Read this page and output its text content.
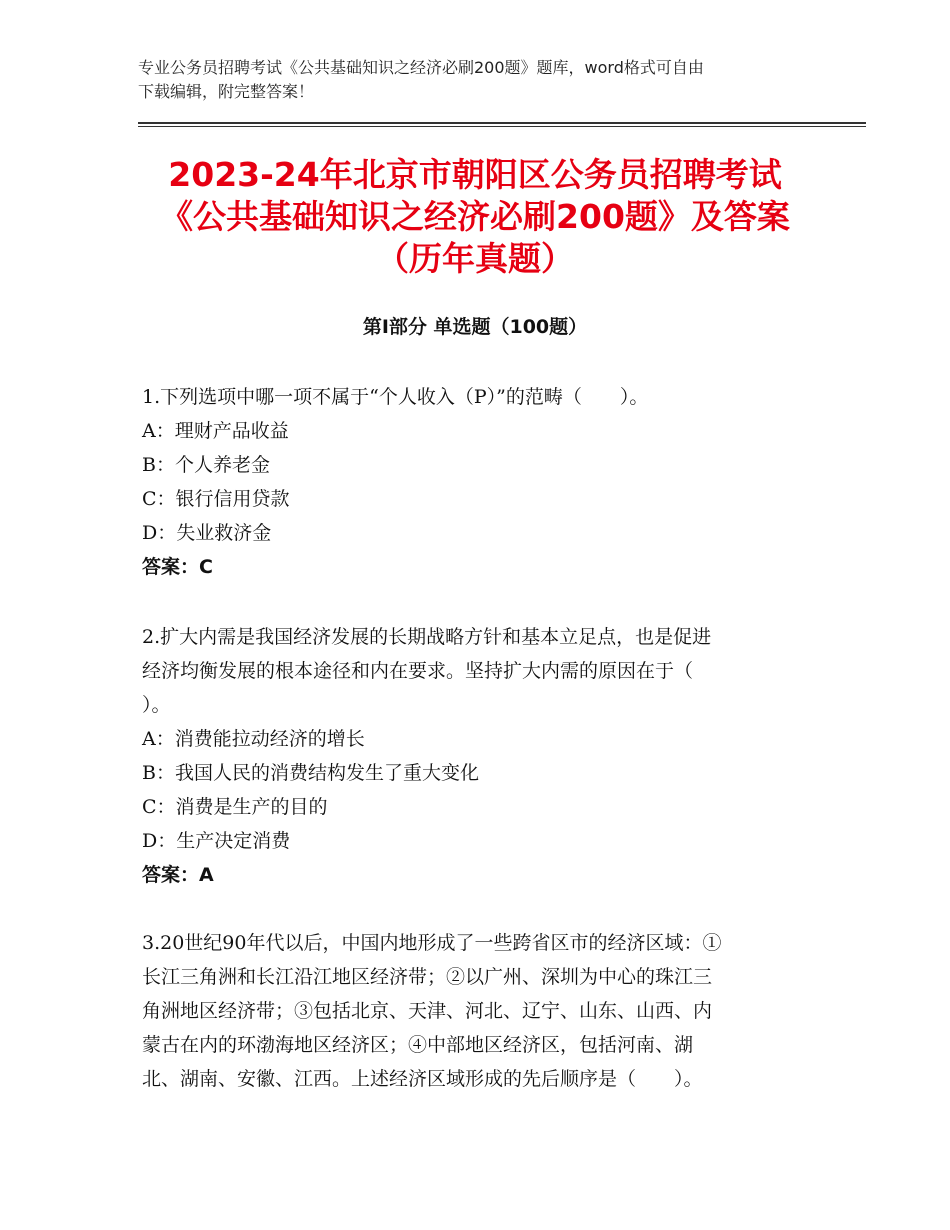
专业公务员招聘考试《公共基础知识之经济必刷200题》题库，word格式可自由
下载编辑，附完整答案！
2023-24年北京市朝阳区公务员招聘考试
《公共基础知识之经济必刷200题》及答案
（历年真题）
第Ⅰ部分 单选题（100题）
1.下列选项中哪一项不属于“个人收入（P）”的范畴（　　）。
A：理财产品收益
B：个人养老金
C：银行信用贷款
D：失业救济金
答案：C
2.扩大内需是我国经济发展的长期战略方针和基本立足点，也是促进
经济均衡发展的根本途径和内在要求。坚持扩大内需的原因在于（
）。
A：消费能拉动经济的增长
B：我国人民的消费结构发生了重大变化
C：消费是生产的目的
D：生产决定消费
答案：A
3.20世纪90年代以后，中国内地形成了一些跨省区市的经济区域：①
长江三角洲和长江沿江地区经济带；②以广州、深圳为中心的珠江三
角洲地区经济带；③包括北京、天津、河北、辽宁、山东、山西、内
蒙古在内的环渤海地区经济区；④中部地区经济区，包括河南、湖
北、湖南、安徽、江西。上述经济区域形成的先后顺序是（　　）。
